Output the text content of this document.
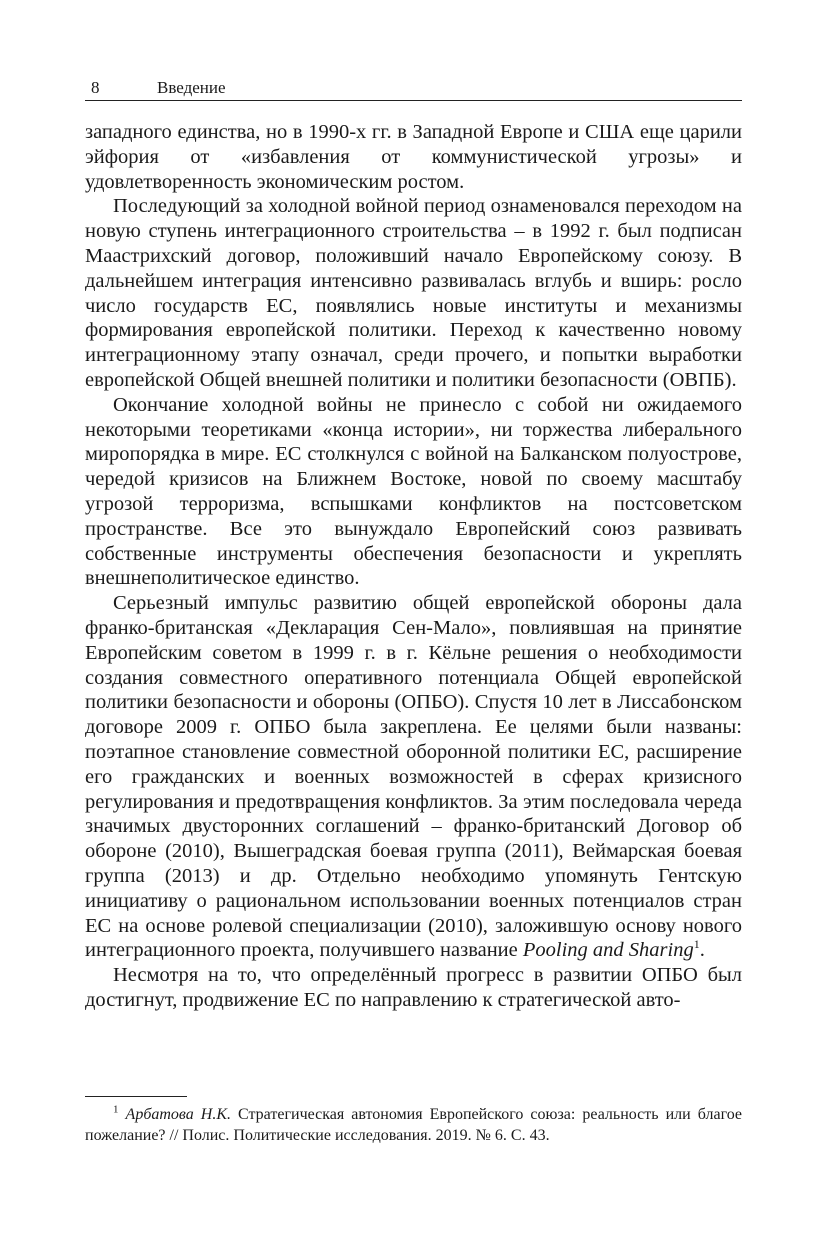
8	Введение

западного единства, но в 1990-х гг. в Западной Европе и США еще царили эйфория от «избавления от коммунистической угрозы» и удовлетворенность экономическим ростом.

Последующий за холодной войной период ознаменовался переходом на новую ступень интеграционного строительства – в 1992 г. был подписан Маастрихский договор, положивший начало Европейскому союзу. В дальнейшем интеграция интенсивно развивалась вглубь и вширь: росло число государств ЕС, появлялись новые институты и механизмы формирования европейской политики. Переход к качественно новому интеграционному этапу означал, среди прочего, и попытки выработки европейской Общей внешней политики и политики безопасности (ОВПБ).

Окончание холодной войны не принесло с собой ни ожидаемого некоторыми теоретиками «конца истории», ни торжества либерального миропорядка в мире. ЕС столкнулся с войной на Балканском полуострове, чередой кризисов на Ближнем Востоке, новой по своему масштабу угрозой терроризма, вспышками конфликтов на постсоветском пространстве. Все это вынуждало Европейский союз развивать собственные инструменты обеспечения безопасности и укреплять внешнеполитическое единство.

Серьезный импульс развитию общей европейской обороны дала франко-британская «Декларация Сен-Мало», повлиявшая на принятие Европейским советом в 1999 г. в г. Кёльне решения о необходимости создания совместного оперативного потенциала Общей европейской политики безопасности и обороны (ОПБО). Спустя 10 лет в Лиссабонском договоре 2009 г. ОПБО была закреплена. Ее целями были названы: поэтапное становление совместной оборонной политики ЕС, расширение его гражданских и военных возможностей в сферах кризисного регулирования и предотвращения конфликтов. За этим последовала череда значимых двусторонних соглашений – франко-британский Договор об обороне (2010), Вышеградская боевая группа (2011), Веймарская боевая группа (2013) и др. Отдельно необходимо упомянуть Гентскую инициативу о рациональном использовании военных потенциалов стран ЕС на основе ролевой специализации (2010), заложившую основу нового интеграционного проекта, получившего название Pooling and Sharing$^1$.

Несмотря на то, что определённый прогресс в развитии ОПБО был достигнут, продвижение ЕС по направлению к стратегической авто-

$^1$ Арбатова Н.К. Стратегическая автономия Европейского союза: реальность или благое пожелание? // Полис. Политические исследования. 2019. № 6. С. 43.
